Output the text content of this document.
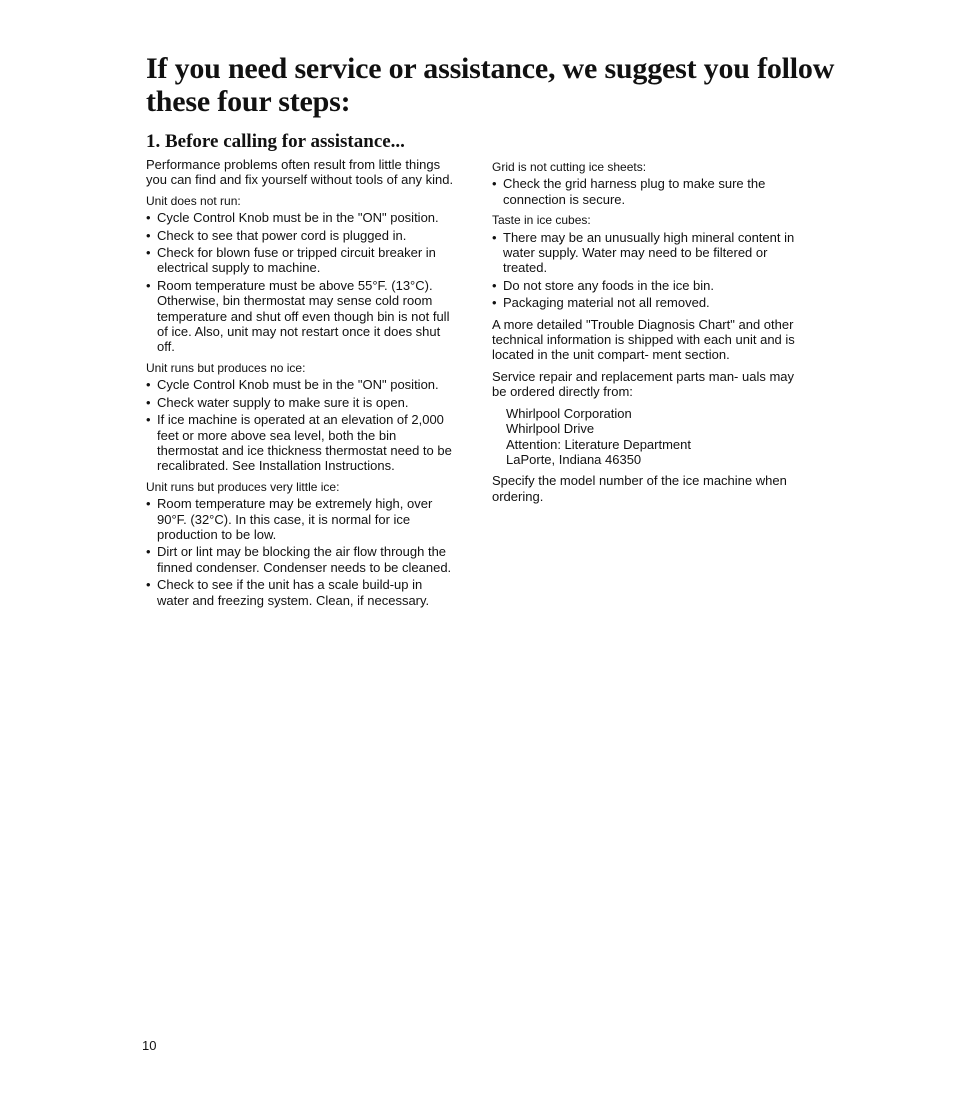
If you need service or assistance, we suggest you follow these four steps:
1. Before calling for assistance...

Performance problems often result from little things you can find and fix yourself without tools of any kind.

Unit does not run:

• Cycle Control Knob must be in the "ON" position.
• Check to see that power cord is plugged in.
• Check for blown fuse or tripped circuit breaker in electrical supply to machine.
• Room temperature must be above 55°F. (13°C). Otherwise, bin thermostat may sense cold room temperature and shut off even though bin is not full of ice. Also, unit may not restart once it does shut off.

Unit runs but produces no ice:

• Cycle Control Knob must be in the "ON" position.
• Check water supply to make sure it is open.
• If ice machine is operated at an elevation of 2,000 feet or more above sea level, both the bin thermostat and ice thickness thermostat need to be recalibrated. See Installation Instructions.

Unit runs but produces very little ice:

• Room temperature may be extremely high, over 90°F. (32°C). In this case, it is normal for ice production to be low.
• Dirt or lint may be blocking the air flow through the finned condenser. Condenser needs to be cleaned.
• Check to see if the unit has a scale build-up in water and freezing system. Clean, if necessary.

Grid is not cutting ice sheets:

• Check the grid harness plug to make sure the connection is secure.

Taste in ice cubes:

• There may be an unusually high mineral content in water supply. Water may need to be filtered or treated.
• Do not store any foods in the ice bin.
• Packaging material not all removed.

A more detailed "Trouble Diagnosis Chart" and other technical information is shipped with each unit and is located in the unit compart- ment section.

Service repair and replacement parts man- uals may be ordered directly from:

Whirlpool Corporation
Whirlpool Drive
Attention: Literature Department
LaPorte, Indiana 46350

Specify the model number of the ice machine when ordering.

10
